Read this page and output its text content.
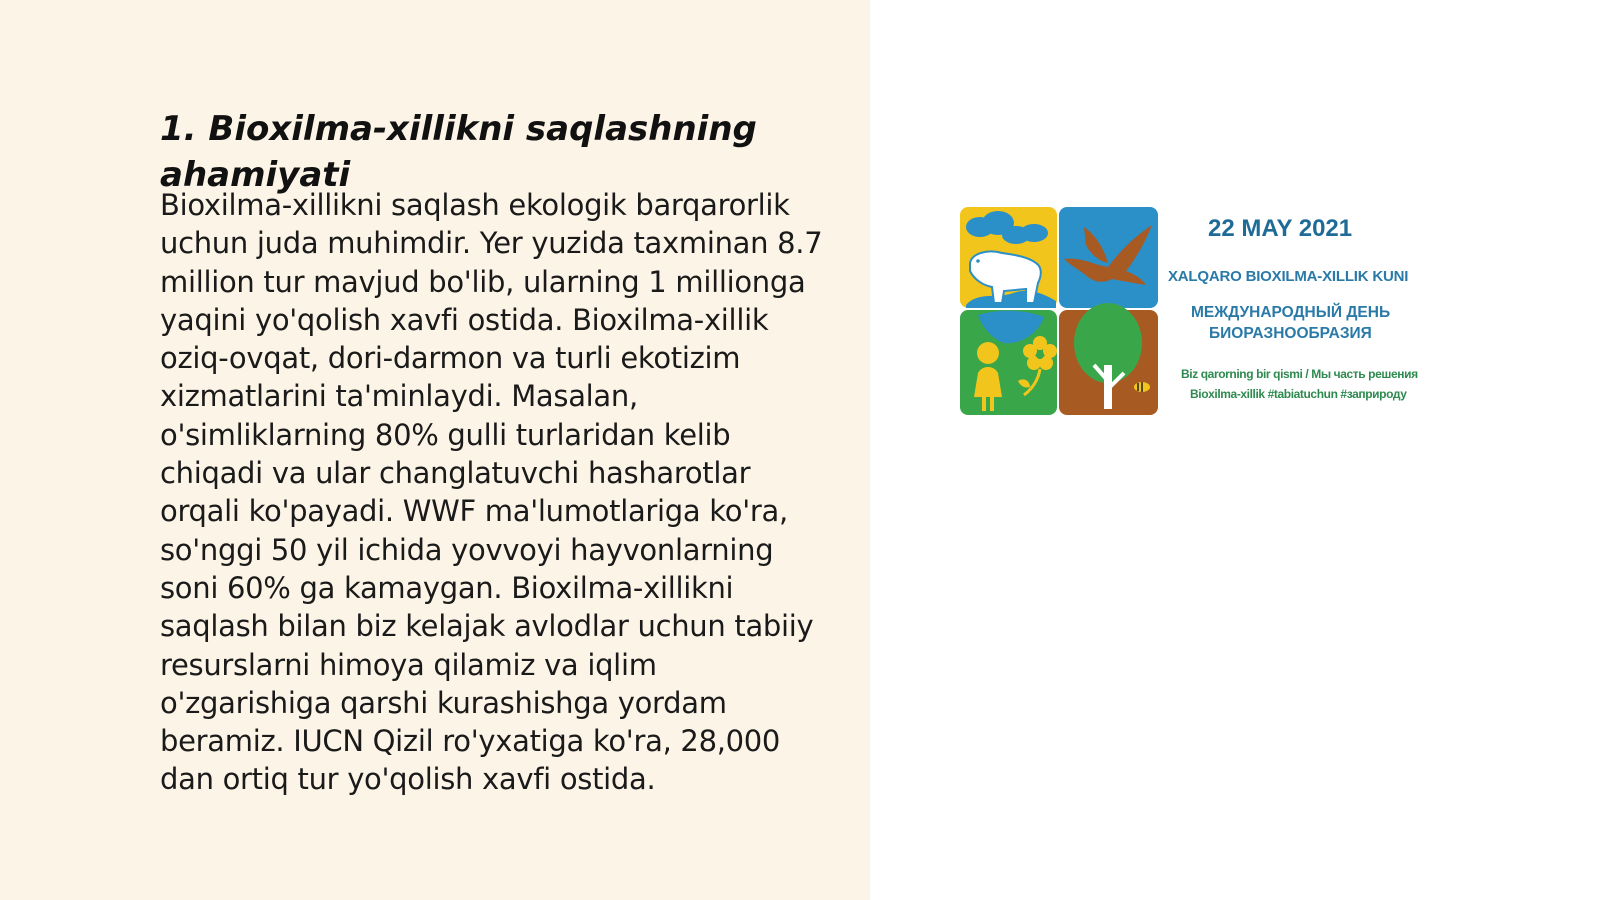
1. Bioxilma-xillikni saqlashning ahamiyati

Bioxilma-xillikni saqlash ekologik barqarorlik uchun juda muhimdir. Yer yuzida taxminan 8.7 million tur mavjud bo'lib, ularning 1 millionga yaqini yo'qolish xavfi ostida. Bioxilma-xillik oziq-ovqat, dori-darmon va turli ekotizim xizmatlarini ta'minlaydi. Masalan, o'simliklarning 80% gulli turlaridan kelib chiqadi va ular changlatuvchi hasharotlar orqali ko'payadi. WWF ma'lumotlariga ko'ra, so'nggi 50 yil ichida yovvoyi hayvonlarning soni 60% ga kamaygan. Bioxilma-xillikni saqlash bilan biz kelajak avlodlar uchun tabiiy resurslarni himoya qilamiz va iqlim o'zgarishiga qarshi kurashishga yordam beramiz. IUCN Qizil ro'yxatiga ko'ra, 28,000 dan ortiq tur yo'qolish xavfi ostida.

22 MAY 2021

XALQARO BIOXILMA-XILLIK KUNI

МЕЖДУНАРОДНЫЙ ДЕНЬ

БИОРАЗНООБРАЗИЯ

Biz qarorning bir qismi / Мы часть решения

Bioxilma-xillik #tabiatuchun #заприроду
